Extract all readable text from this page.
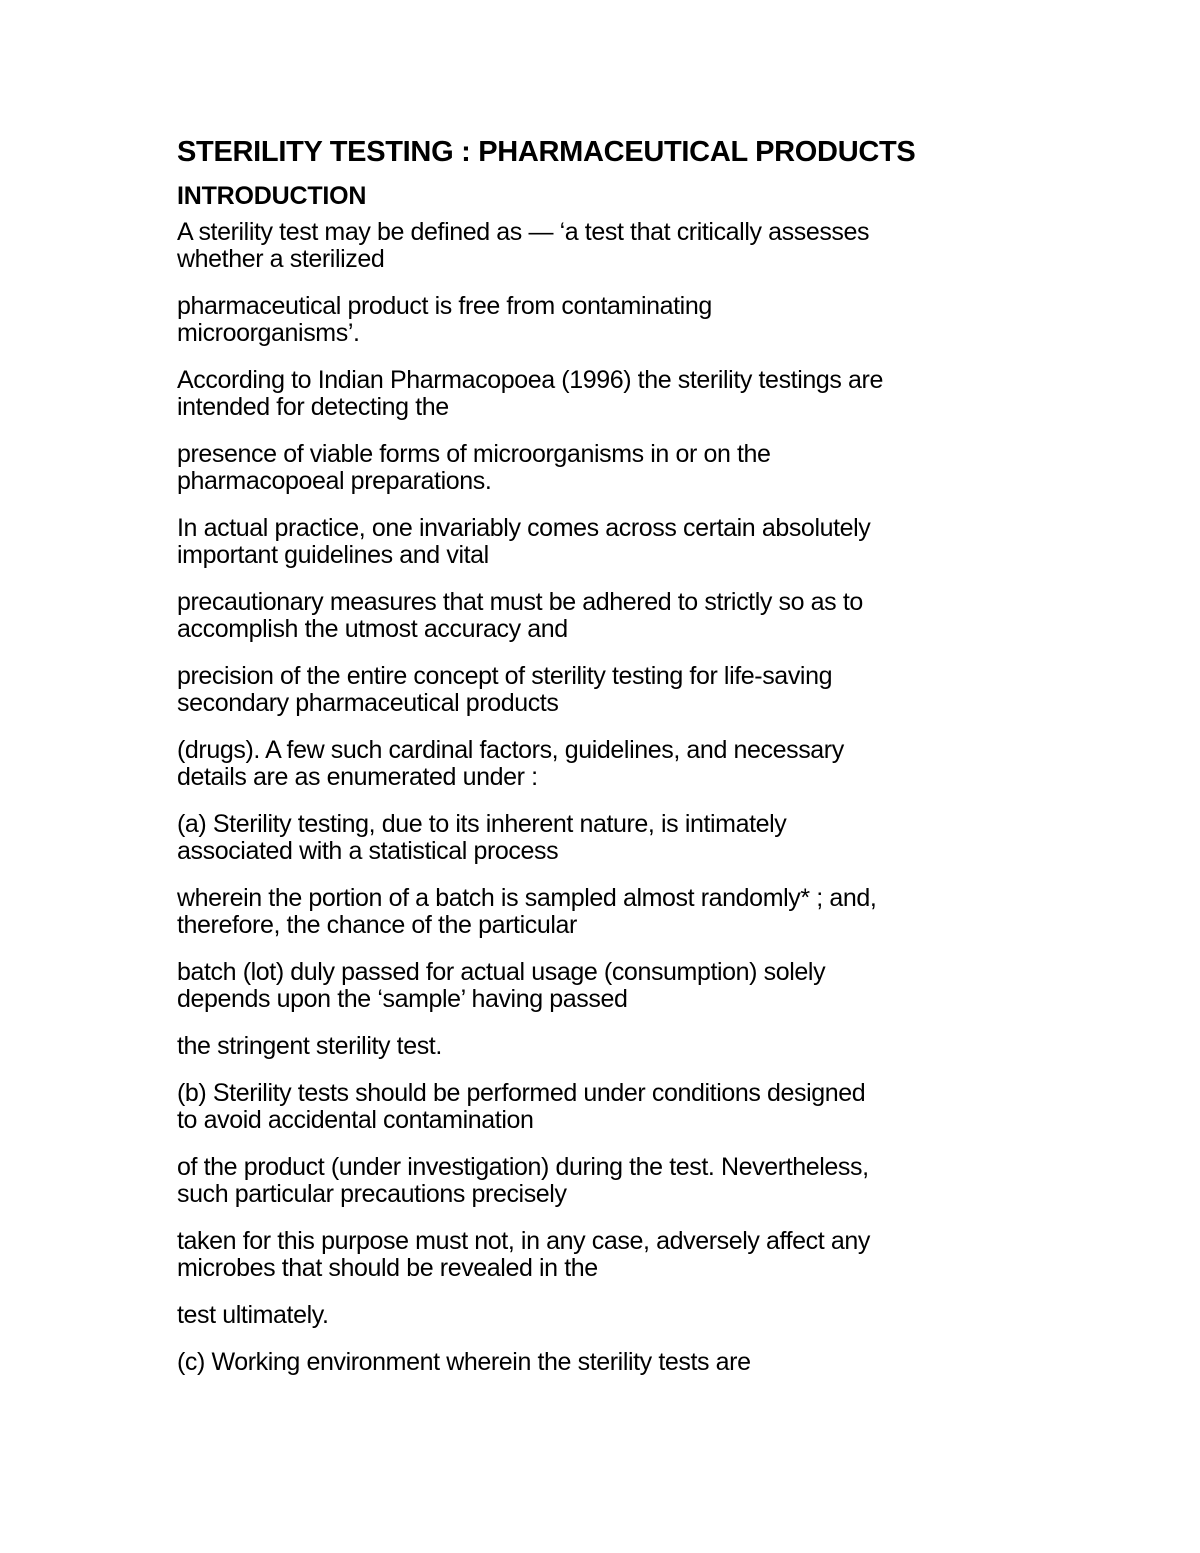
STERILITY TESTING : PHARMACEUTICAL PRODUCTS
INTRODUCTION
A sterility test may be defined as — ‘a test that critically assesses
whether a sterilized
pharmaceutical product is free from contaminating
microorganisms’.
According to Indian Pharmacopoea (1996) the sterility testings are
intended for detecting the
presence of viable forms of microorganisms in or on the
pharmacopoeal preparations.
In actual practice, one invariably comes across certain absolutely
important guidelines and vital
precautionary measures that must be adhered to strictly so as to
accomplish the utmost accuracy and
precision of the entire concept of sterility testing for life-saving
secondary pharmaceutical products
(drugs). A few such cardinal factors, guidelines, and necessary
details are as enumerated under :
(a) Sterility testing, due to its inherent nature, is intimately
associated with a statistical process
wherein the portion of a batch is sampled almost randomly* ; and,
therefore, the chance of the particular
batch (lot) duly passed for actual usage (consumption) solely
depends upon the ‘sample’ having passed
the stringent sterility test.
(b) Sterility tests should be performed under conditions designed
to avoid accidental contamination
of the product (under investigation) during the test. Nevertheless,
such particular precautions precisely
taken for this purpose must not, in any case, adversely affect any
microbes that should be revealed in the
test ultimately.
(c) Working environment wherein the sterility tests are
